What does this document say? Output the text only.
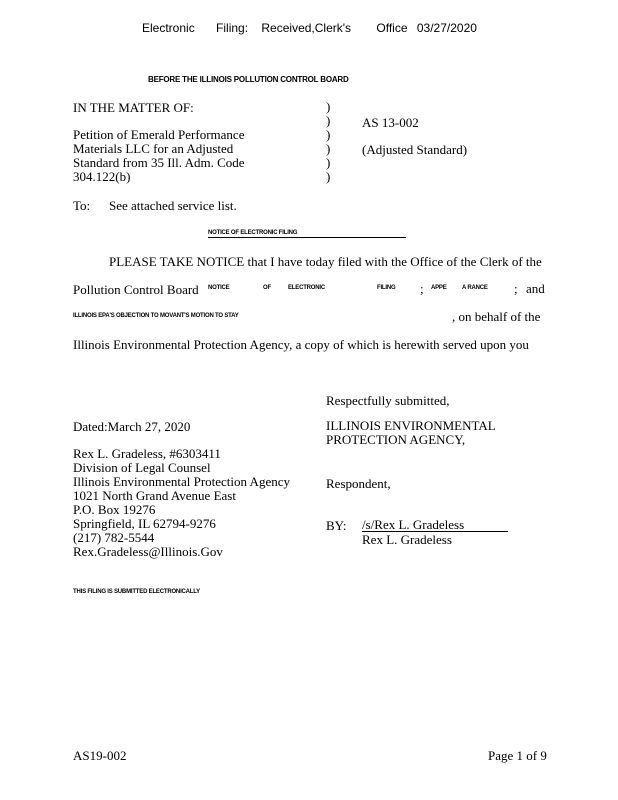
Electronic Filing: Received,Clerk's Office 03/27/2020
BEFORE THE ILLINOIS POLLUTION CONTROL BOARD
IN THE MATTER OF:
Petition of Emerald Performance
Materials LLC for an Adjusted
Standard from 35 Ill. Adm. Code
304.122(b)
)
)
)
)
)
)
AS 13-002
(Adjusted Standard)
To: See attached service list.
NOTICE OF ELECTRONIC FILING
PLEASE TAKE NOTICE that I have today filed with the Office of the Clerk of the
Pollution Control Board NOTICE	OF	ELECTRONIC	FILING ; APPE	A RANCE ; and
ILLINOIS EPA'S OBJECTION TO MOVANT'S MOTION TO STAY	, on behalf of the
Illinois Environmental Protection Agency, a copy of which is herewith served upon you
Respectfully submitted,
Dated:March 27, 2020	ILLINOIS ENVIRONMENTAL
PROTECTION AGENCY,
Rex L. Gradeless, #6303411
Division of Legal Counsel
Illinois Environmental Protection Agency
1021 North Grand Avenue East
P.O. Box 19276
Springfield, IL 62794-9276
(217) 782-5544
Rex.Gradeless@Illinois.Gov
Respondent,
BY: /s/Rex L. Gradeless
Rex L. Gradeless
THIS FILING IS SUBMITTED ELECTRONICALLY
AS19-002	Page 1 of 9
